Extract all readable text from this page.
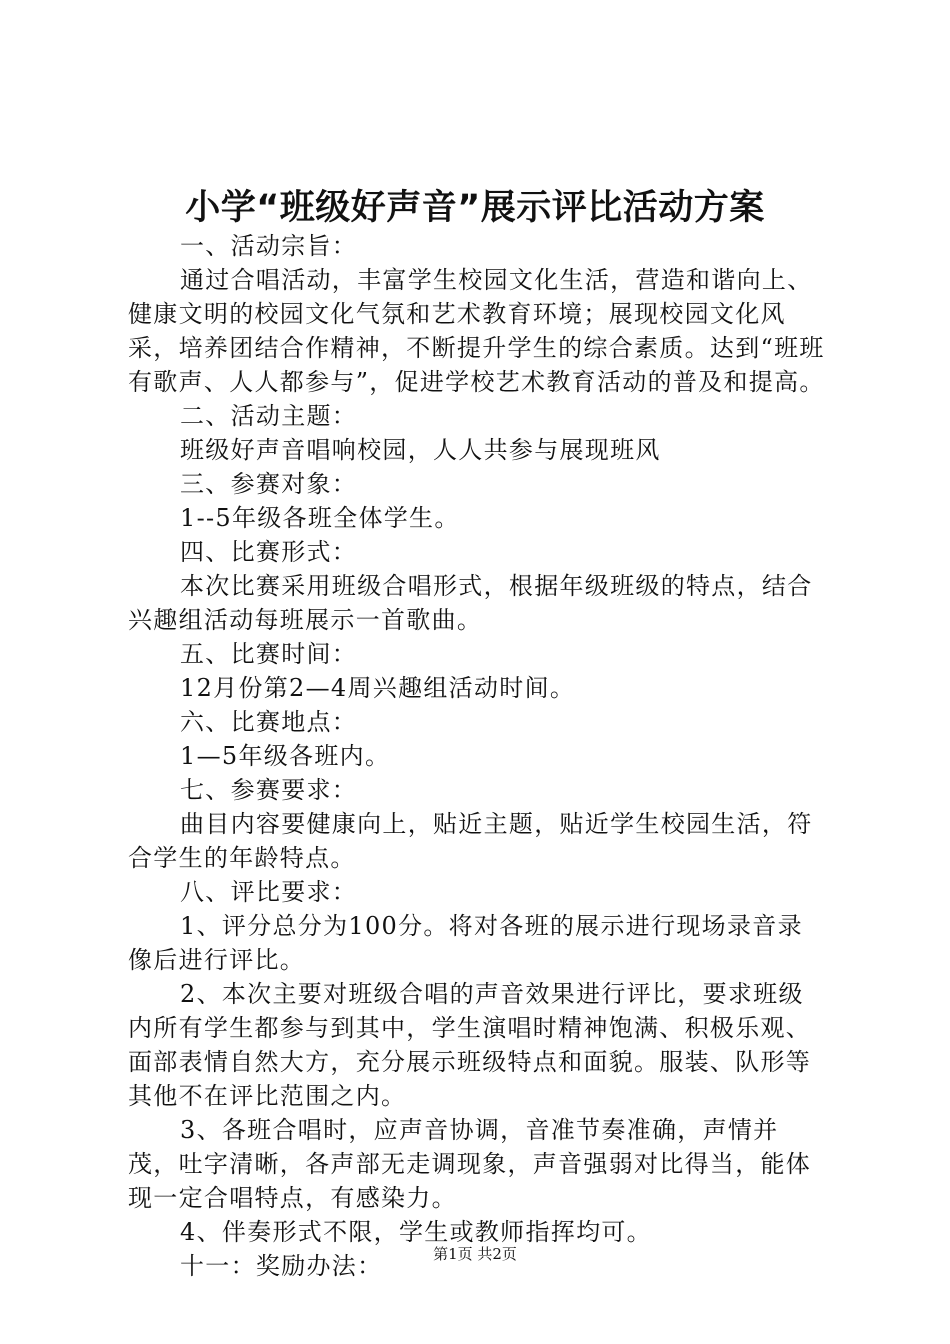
小学“班级好声音”展示评比活动方案

一、活动宗旨：

通过合唱活动，丰富学生校园文化生活，营造和谐向上、健康文明的校园文化气氛和艺术教育环境；展现校园文化风采，培养团结合作精神，不断提升学生的综合素质。达到“班班有歌声、人人都参与”，促进学校艺术教育活动的普及和提高。

二、活动主题：

班级好声音唱响校园，人人共参与展现班风

三、参赛对象：

1--5年级各班全体学生。

四、比赛形式：

本次比赛采用班级合唱形式，根据年级班级的特点，结合兴趣组活动每班展示一首歌曲。

五、比赛时间：

12月份第2—4周兴趣组活动时间。

六、比赛地点：

1—5年级各班内。

七、参赛要求：

曲目内容要健康向上，贴近主题，贴近学生校园生活，符合学生的年龄特点。

八、评比要求：

1、评分总分为100分。将对各班的展示进行现场录音录像后进行评比。

2、本次主要对班级合唱的声音效果进行评比，要求班级内所有学生都参与到其中，学生演唱时精神饱满、积极乐观、面部表情自然大方，充分展示班级特点和面貌。服装、队形等其他不在评比范围之内。

3、各班合唱时，应声音协调，音准节奏准确，声情并茂，吐字清晰，各声部无走调现象，声音强弱对比得当，能体现一定合唱特点，有感染力。

4、伴奏形式不限，学生或教师指挥均可。

十一：奖励办法：	第1页 共2页
